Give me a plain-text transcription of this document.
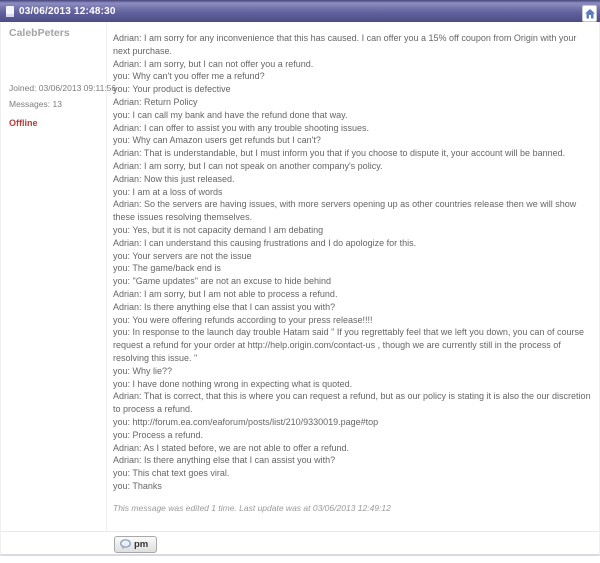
03/06/2013 12:48:30
CalebPeters
Joined: 03/06/2013 09:11:56
Messages: 13
Offline
Adrian: I am sorry for any inconvenience that this has caused. I can offer you a 15% off coupon from Origin with your next purchase.
Adrian: I am sorry, but I can not offer you a refund.
you: Why can't you offer me a refund?
you: Your product is defective
Adrian: Return Policy
you: I can call my bank and have the refund done that way.
Adrian: I can offer to assist you with any trouble shooting issues.
you: Why can Amazon users get refunds but I can't?
Adrian: That is understandable, but I must inform you that if you choose to dispute it, your account will be banned.
Adrian: I am sorry, but I can not speak on another company's policy.
Adrian: Now this just released.
you: I am at a loss of words
Adrian: So the servers are having issues, with more servers opening up as other countries release then we will show these issues resolving themselves.
you: Yes, but it is not capacity demand I am debating
Adrian: I can understand this causing frustrations and I do apologize for this.
you: Your servers are not the issue
you: The game/back end is
you: "Game updates" are not an excuse to hide behind
Adrian: I am sorry, but I am not able to process a refund.
Adrian: Is there anything else that I can assist you with?
you: You were offering refunds according to your press release!!!!
you: In response to the launch day trouble Hatam said " If you regrettably feel that we left you down, you can of course request a refund for your order at http://help.origin.com/contact-us , though we are currently still in the process of resolving this issue. "
you: Why lie??
you: I have done nothing wrong in expecting what is quoted.
Adrian: That is correct, that this is where you can request a refund, but as our policy is stating it is also the our discretion to process a refund.
you: http://forum.ea.com/eaforum/posts/list/210/9330019.page#top
you: Process a refund.
Adrian: As I stated before, we are not able to offer a refund.
Adrian: Is there anything else that I can assist you with?
you: This chat text goes viral.
you: Thanks
This message was edited 1 time. Last update was at 03/06/2013 12:49:12
pm
